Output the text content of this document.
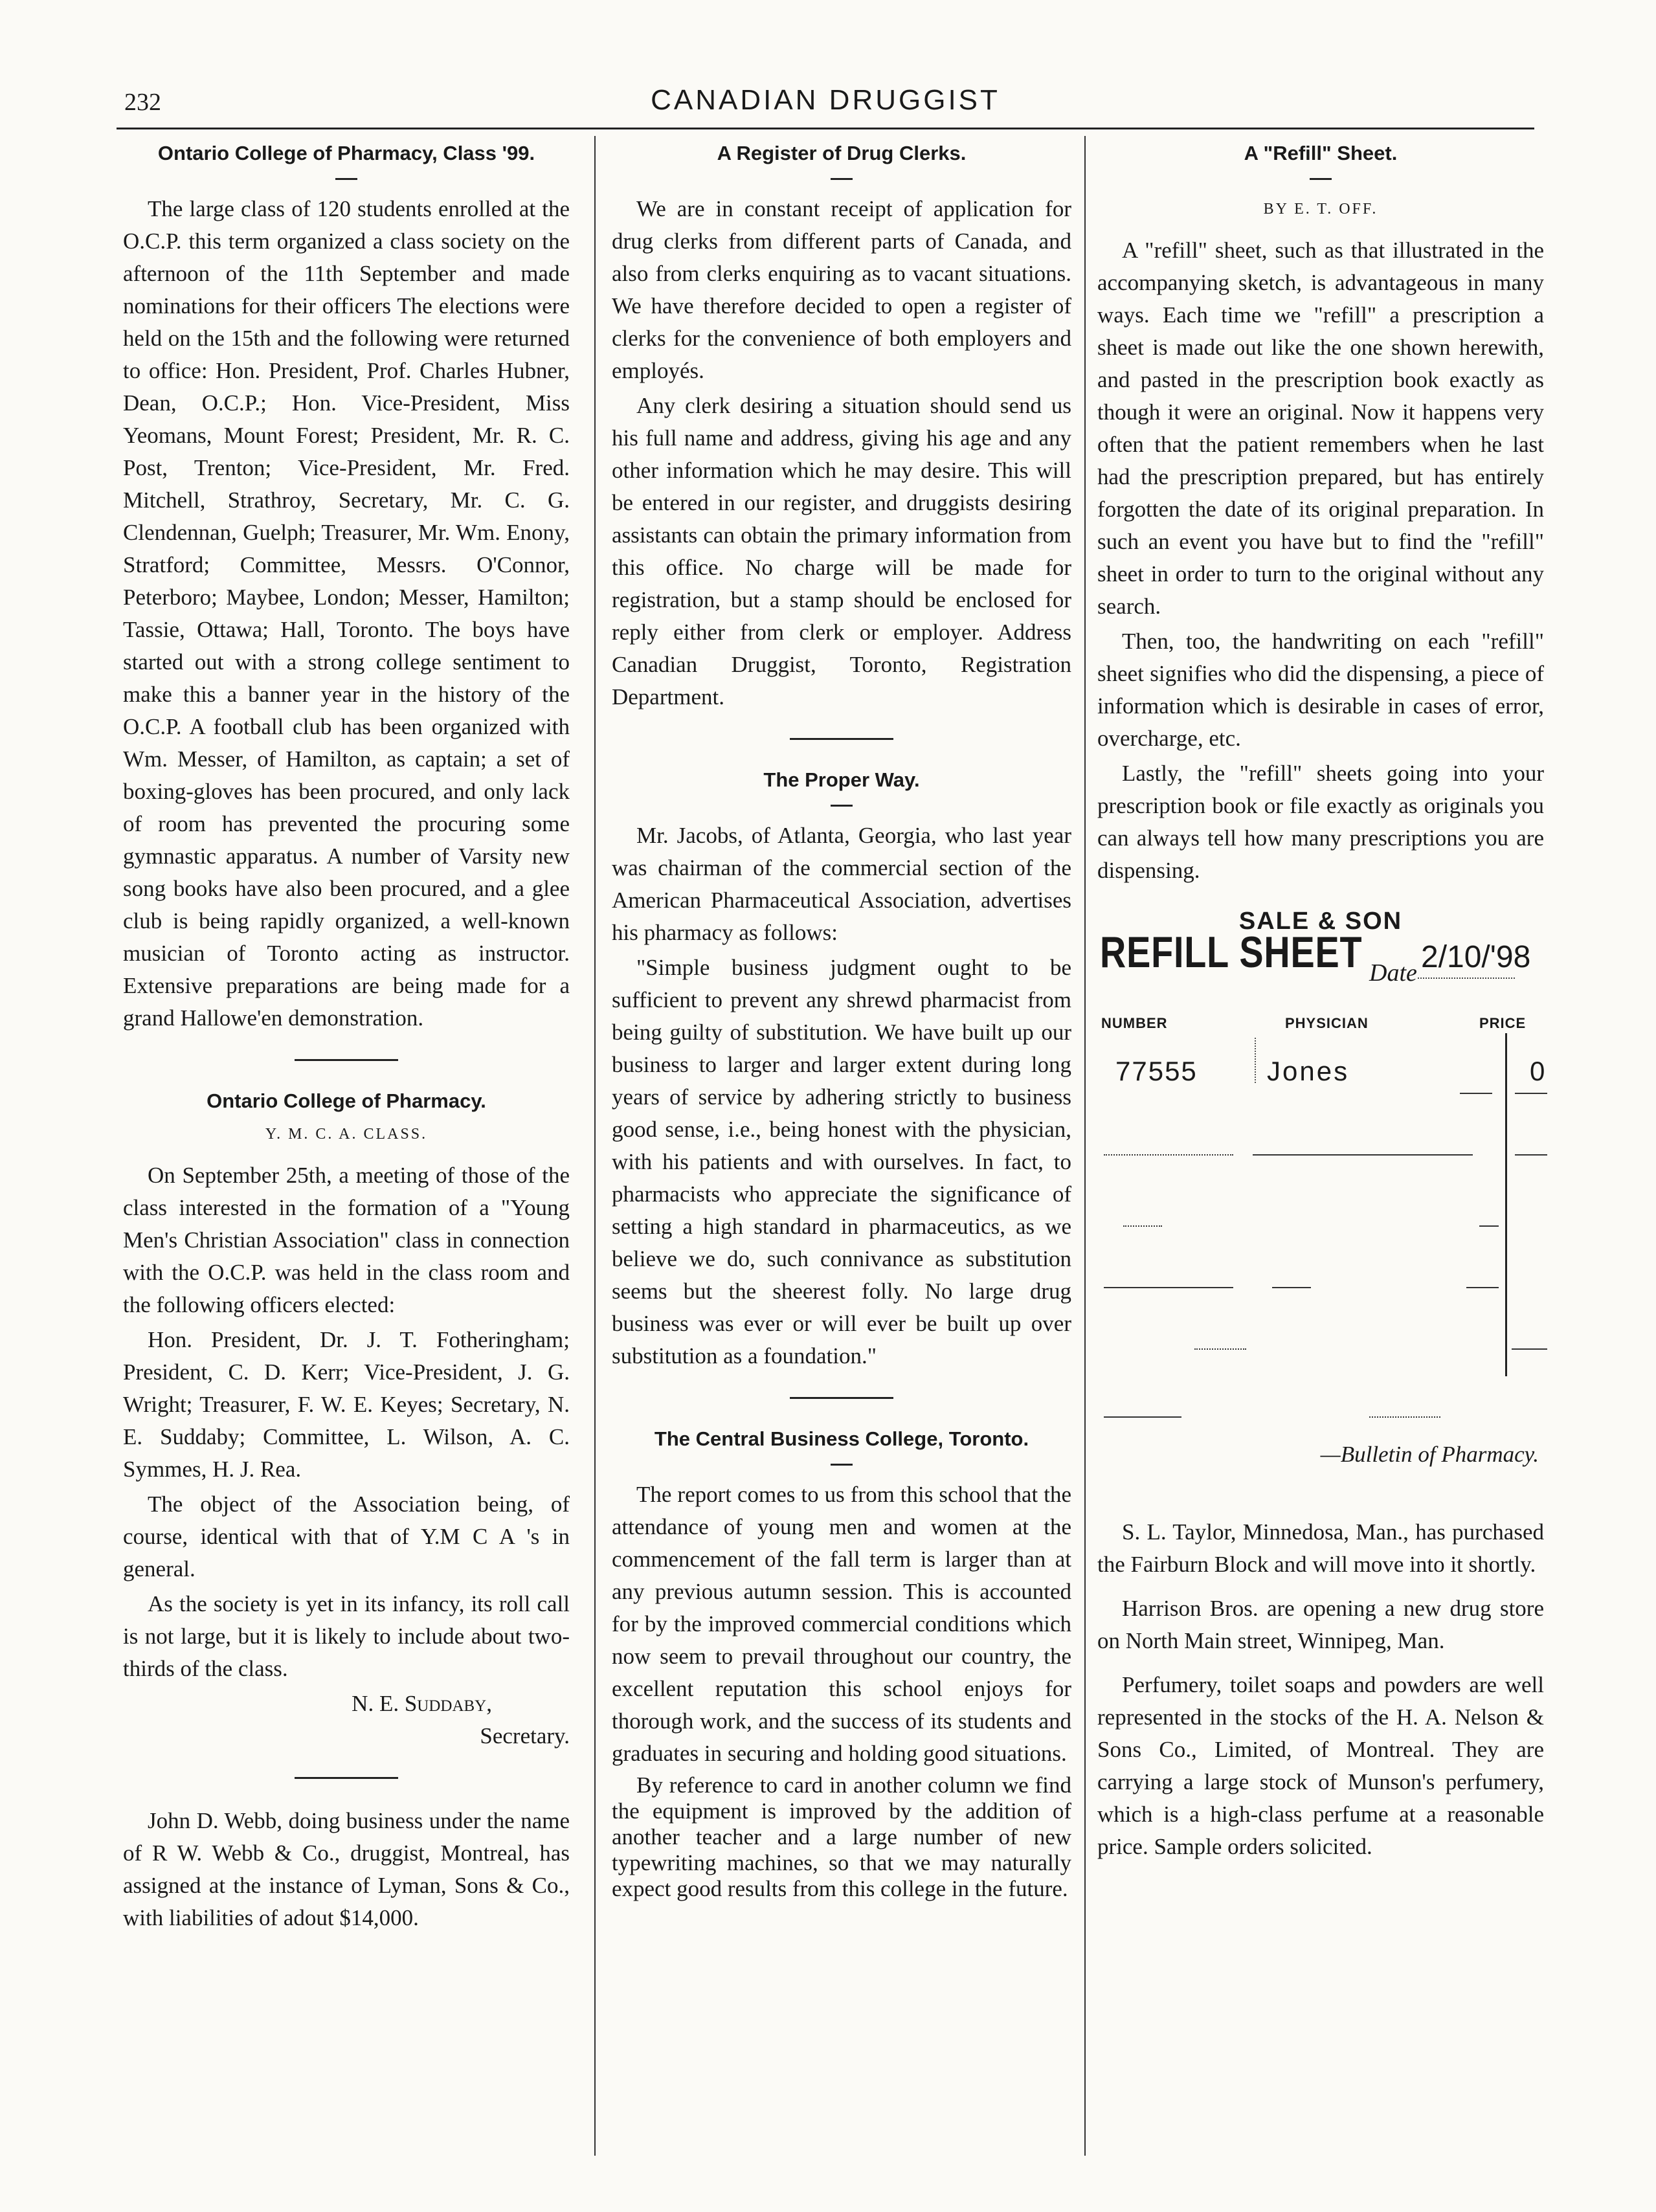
232	CANADIAN DRUGGIST
Ontario College of Pharmacy, Class '99.

The large class of 120 students enrolled at the O.C.P. this term organized a class society on the afternoon of the 11th September and made nominations for their officers The elections were held on the 15th and the following were returned to office: Hon. President, Prof. Charles Hubner, Dean, O.C.P.; Hon. Vice-President, Miss Yeomans, Mount Forest; President, Mr. R. C. Post, Trenton; Vice-President, Mr. Fred. Mitchell, Strathroy, Secretary, Mr. C. G. Clendennan, Guelph; Treasurer, Mr. Wm. Enony, Stratford; Committee, Messrs. O'Connor, Peterboro; Maybee, London; Messer, Hamilton; Tassie, Ottawa; Hall, Toronto. The boys have started out with a strong college sentiment to make this a banner year in the history of the O.C.P. A football club has been organized with Wm. Messer, of Hamilton, as captain; a set of boxing-gloves has been procured, and only lack of room has prevented the procuring some gymnastic apparatus. A number of Varsity new song books have also been procured, and a glee club is being rapidly organized, a well-known musician of Toronto acting as instructor. Extensive preparations are being made for a grand Hallowe'en demonstration.

Ontario College of Pharmacy.
Y. M. C. A. CLASS.

On September 25th, a meeting of those of the class interested in the formation of a "Young Men's Christian Association" class in connection with the O.C.P. was held in the class room and the following officers elected:

Hon. President, Dr. J. T. Fotheringham; President, C. D. Kerr; Vice-President, J. G. Wright; Treasurer, F. W. E. Keyes; Secretary, N. E. Suddaby; Committee, L. Wilson, A. C. Symmes, H. J. Rea.

The object of the Association being, of course, identical with that of Y.M C A 's in general.

As the society is yet in its infancy, its roll call is not large, but it is likely to include about two-thirds of the class.

N. E. Suddaby,
Secretary.

John D. Webb, doing business under the name of R W. Webb & Co., druggist, Montreal, has assigned at the instance of Lyman, Sons & Co., with liabilities of adout $14,000.

A Register of Drug Clerks.

We are in constant receipt of application for drug clerks from different parts of Canada, and also from clerks enquiring as to vacant situations. We have therefore decided to open a register of clerks for the convenience of both employers and employés.

Any clerk desiring a situation should send us his full name and address, giving his age and any other information which he may desire. This will be entered in our register, and druggists desiring assistants can obtain the primary information from this office. No charge will be made for registration, but a stamp should be enclosed for reply either from clerk or employer. Address Canadian Druggist, Toronto, Registration Department.

The Proper Way.

Mr. Jacobs, of Atlanta, Georgia, who last year was chairman of the commercial section of the American Pharmaceutical Association, advertises his pharmacy as follows:

"Simple business judgment ought to be sufficient to prevent any shrewd pharmacist from being guilty of substitution. We have built up our business to larger and larger extent during long years of service by adhering strictly to business good sense, i.e., being honest with the physician, with his patients and with ourselves. In fact, to pharmacists who appreciate the significance of setting a high standard in pharmaceutics, as we believe we do, such connivance as substitution seems but the sheerest folly. No large drug business was ever or will ever be built up over substitution as a foundation."

The Central Business College, Toronto.

The report comes to us from this school that the attendance of young men and women at the commencement of the fall term is larger than at any previous autumn session. This is accounted for by the improved commercial conditions which now seem to prevail throughout our country, the excellent reputation this school enjoys for thorough work, and the success of its students and graduates in securing and holding good situations.

By reference to card in another column we find the equipment is improved by the addition of another teacher and a large number of new typewriting machines, so that we may naturally expect good results from this college in the future.

A "Refill" Sheet.
BY E. T. OFF.

A "refill" sheet, such as that illustrated in the accompanying sketch, is advantageous in many ways. Each time we "refill" a prescription a sheet is made out like the one shown herewith, and pasted in the prescription book exactly as though it were an original. Now it happens very often that the patient remembers when he last had the prescription prepared, but has entirely forgotten the date of its original preparation. In such an event you have but to find the "refill" sheet in order to turn to the original without any search.

Then, too, the handwriting on each "refill" sheet signifies who did the dispensing, a piece of information which is desirable in cases of error, overcharge, etc.

Lastly, the "refill" sheets going into your prescription book or file exactly as originals you can always tell how many prescriptions you are dispensing.

SALE & SON
REFILL SHEET Date 2/10/'98
NUMBER	PHYSICIAN	PRICE
77555	Jones	0
—Bulletin of Pharmacy.

S. L. Taylor, Minnedosa, Man., has purchased the Fairburn Block and will move into it shortly.

Harrison Bros. are opening a new drug store on North Main street, Winnipeg, Man.

Perfumery, toilet soaps and powders are well represented in the stocks of the H. A. Nelson & Sons Co., Limited, of Montreal. They are carrying a large stock of Munson's perfumery, which is a high-class perfume at a reasonable price. Sample orders solicited.
